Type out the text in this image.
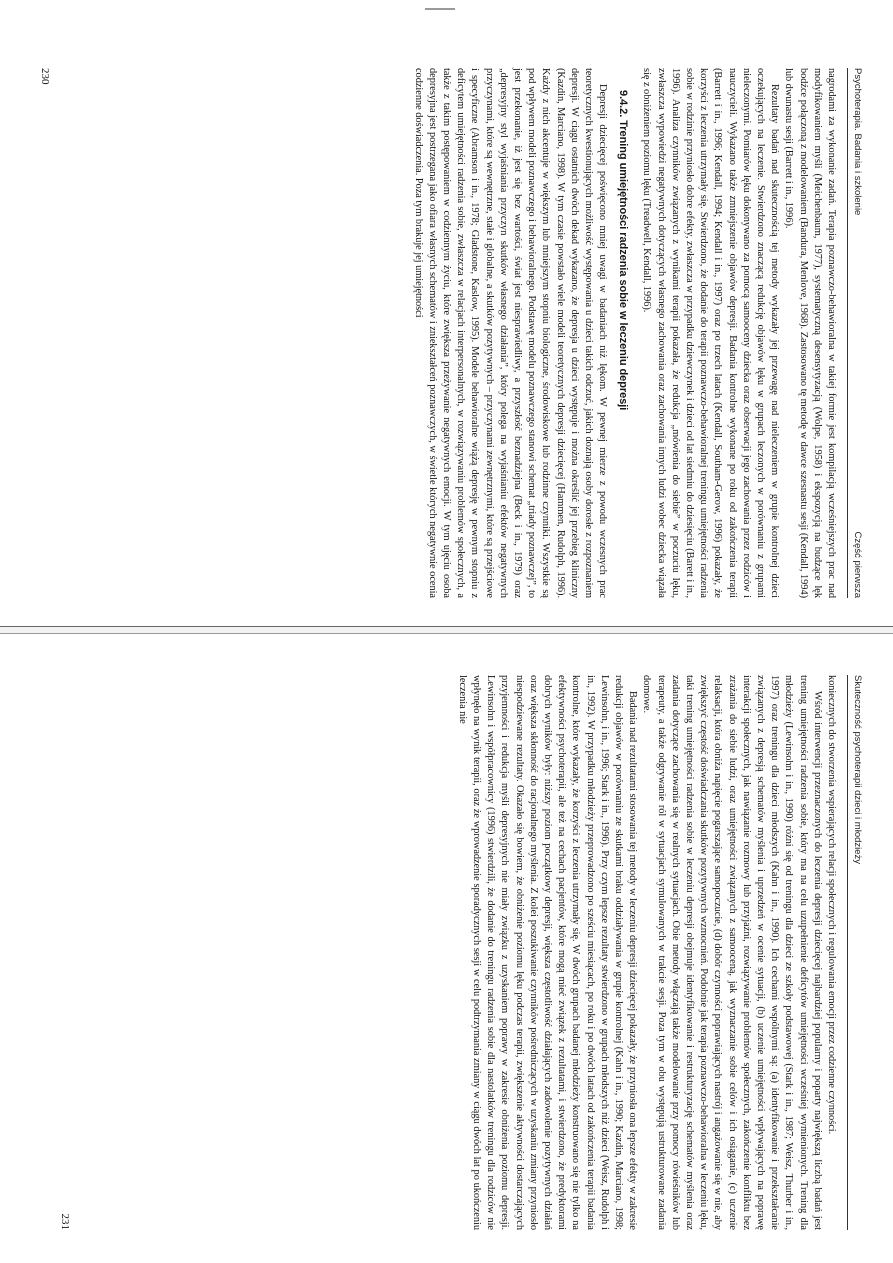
Psychoterapia. Badania i szkolenie
Część pierwsza

nagrodami za wykonanie zadań. Terapia poznawczo-behawioralna w takiej formie jest kompilacją wcześniejszych prac nad modyfikowaniem myśli (Meichenbaum, 1977), systematyczną desensytyzacją (Wolpe, 1958) i ekspozycją na budzące lęk bodźce połączoną z modelowaniem (Bandura, Menlove, 1968). Zastosowano tę metodę w dawce szesnastu sesji (Kendall, 1994) lub dwunastu sesji (Barrett i in., 1996).

Rezultaty badań nad skutecznością tej metody wykazały jej przewagę nad nieleczeniem w grupie kontrolnej dzieci oczekujących na leczenie. Stwierdzono znaczącą redukcję objawów lęku w grupach leczonych w porównaniu z grupami nieleczonymi. Pomiarów lęku dokonywano za pomocą samooceny dziecka oraz obserwacji jego zachowania przez rodziców i nauczycieli. Wykazano także zmniejszenie objawów depresji. Badania kontrolne wykonane po roku od zakończenia terapii (Barrett i in., 1996; Kendall, 1994; Kendall i in., 1997) oraz po trzech latach (Kendall, Southam-Gerow, 1996) pokazały, że korzyści z leczenia utrzymały się. Stwierdzono, że dodanie do terapii poznawczo-behawioralnej treningu umiejętności radzenia sobie w rodzinie przyniosło dobre efekty, zwłaszcza w przypadku dziewczynek i dzieci od lat siedmiu do dziesięciu (Barett i in., 1996). Analiza czynników związanych z wynikami terapii pokazała, że redukcja „mówienia do siebie” w poczuciu lęku, zwłaszcza wypowiedzi negatywnych dotyczących własnego zachowania oraz zachowania innych ludzi wobec dziecka wiązała się z obniżeniem poziomu lęku (Treadwell, Kendall, 1996).

9.4.2. Trening umiejętności radzenia sobie w leczeniu depresji

Depresji dziecięcej poświęcono mniej uwagi w badaniach niż lękom. W pewnej mierze z powodu wczesnych prac teoretycznych kwestionujących możliwość występowania u dzieci takich odczuć, jakich doznają osoby dorosłe z rozpoznaniem depresji. W ciągu ostatnich dwóch dekad wykazano, że depresja u dzieci występuje i można określić jej przebieg kliniczny (Kazdin, Marciano, 1998). W tym czasie powstało wiele modeli teoretycznych depresji dziecięcej (Hammen, Rudolph, 1996). Każdy z nich akcentuje w większym lub mniejszym stopniu biologiczne, środowiskowe lub rodzinne czynniki. Wszystkie są pod wpływem modeli poznawczego i behawioralnego. Podstawę modelu poznawczego stanowi schemat „triady poznawczej”, to jest przekonanie, iż jest się bez wartości, świat jest niesprawiedliwy, a przyszłość beznadziejna (Beck i in., 1979) oraz „depresyjny styl wyjaśniania przyczyn skutków własnego działania”, który polega na wyjaśnianiu efektów negatywnych przyczynami, które są wewnętrzne, stałe i globalne, a skutków pozytywnych – przyczynami zewnętrznymi, które są przejściowe i specyficzne (Abramson i in., 1978; Gladstone, Kaslow, 1995). Modele behawioralne wiążą depresję w pewnym stopniu z deficytem umiejętności radzenia sobie, zwłaszcza w relacjach interpersonalnych, w rozwiązywaniu problemów społecznych, a także z takim postępowaniem w codziennym życiu, które zwiększa przeżywanie negatywnych emocji. W tym ujęciu osoba depresyjna jest postrzegana jako ofiara własnych schematów i zniekształceń poznawczych, w świetle których negatywnie ocenia codzienne doświadczenia. Poza tym brakuje jej umiejętności

230
Skuteczność psychoterapii dzieci i młodzieży

koniecznych do stworzenia wspierających relacji społecznych i regulowania emocji przez codzienne czynności.

Wśród interwencji przeznaczonych do leczenia depresji dziecięcej najbardziej popularny i poparty największą liczbą badań jest trening umiejętności radzenia sobie, który ma na celu uzupełnienie deficytów umiejętności wcześniej wymienionych. Trening dla młodzieży (Lewinsohn i in., 1990) różni się od treningu dla dzieci ze szkoły podstawowej (Stark i in., 1987; Weisz, Thurber i in., 1997) oraz treningu dla dzieci młodszych (Kahn i in., 1990). Ich cechami wspólnymi są: (a) identyfikowanie i przekształcanie związanych z depresją schematów myślenia i uprzedzeń w ocenie sytuacji, (b) uczenie umiejętności wpływających na poprawę interakcji społecznych, jak nawiązanie rozmowy lub przyjaźni, rozwiązywanie problemów społecznych, zakończenie konfliktu bez zrażania do siebie ludzi, oraz umiejętności związanych z samooceną, jak wyznaczanie sobie celów i ich osiąganie, (c) uczenie relaksacji, która obniża napięcie pogarszające samopoczucie, (d) dobór czynności poprawiających nastrój i angażowanie się w nie, aby zwiększyć częstość doświadczania skutków pozytywnych wzmocnień. Podobnie jak terapia poznawczo-behawioralna w leczeniu lęku, taki trening umiejętności radzenia sobie w leczeniu depresji obejmuje identyfikowanie i restrukturyzację schematów myślenia oraz zadania dotyczące zachowania się w realnych sytuacjach. Obie metody włączają także modelowanie przy pomocy rówieśników lub terapeuty, a także odgrywanie ról w sytuacjach symulowanych w trakcie sesji. Poza tym w obu występują ustrukturowane zadania domowe.

Badania nad rezultatami stosowania tej metody w leczeniu depresji dziecięcej pokazały, że przyniosła ona lepsze efekty w zakresie redukcji objawów w porównaniu ze skutkami braku oddziaływania w grupie kontrolnej (Kahn i in., 1990; Kazdin, Marciano, 1998; Lewinsohn, i in., 1996; Stark i in., 1996). Przy czym lepsze rezultaty stwierdzono w grupach młodszych niż dzieci (Weisz, Rudolph i in., 1992). W przypadku młodzieży przeprowadzono po sześciu miesiącach, po roku i po dwóch latach od zakończenia terapii badania kontrolne, które wykazały, że korzyści z leczenia utrzymały się. W dwóch grupach badanej młodzieży konstruowano się nie tylko na efektywności psychoterapii, ale też na cechach pacjentów, które mogą mieć związek z rezultatami, i stwierdzono, że predyktorami dobrych wyników były: niższy poziom początkowy depresji, większa częstotliwość działających zadowolenie pozytywnych działań oraz większa skłonność do racjonalnego myślenia. Z kolei poszukiwanie czynników pośredniczących w uzyskaniu zmiany przyniosło niespodziewane rezultaty. Okazało się bowiem, że obniżenie poziomu lęku podczas terapii, zwiększenie aktywności dostarczających przyjemności i redukcja myśli depresyjnych nie miały związku z uzyskaniem poprawy w zakresie obniżenia poziomu depresji. Lewinsohn i współpracownicy (1996) stwierdzili, że dodanie do treningu radzenia sobie dla nastolatków treningu dla rodziców nie wpłynęło na wynik terapii, oraz że wprowadzenie sporadycznych sesji w celu podtrzymania zmiany w ciągu dwóch lat po ukończeniu leczenia nie

231
